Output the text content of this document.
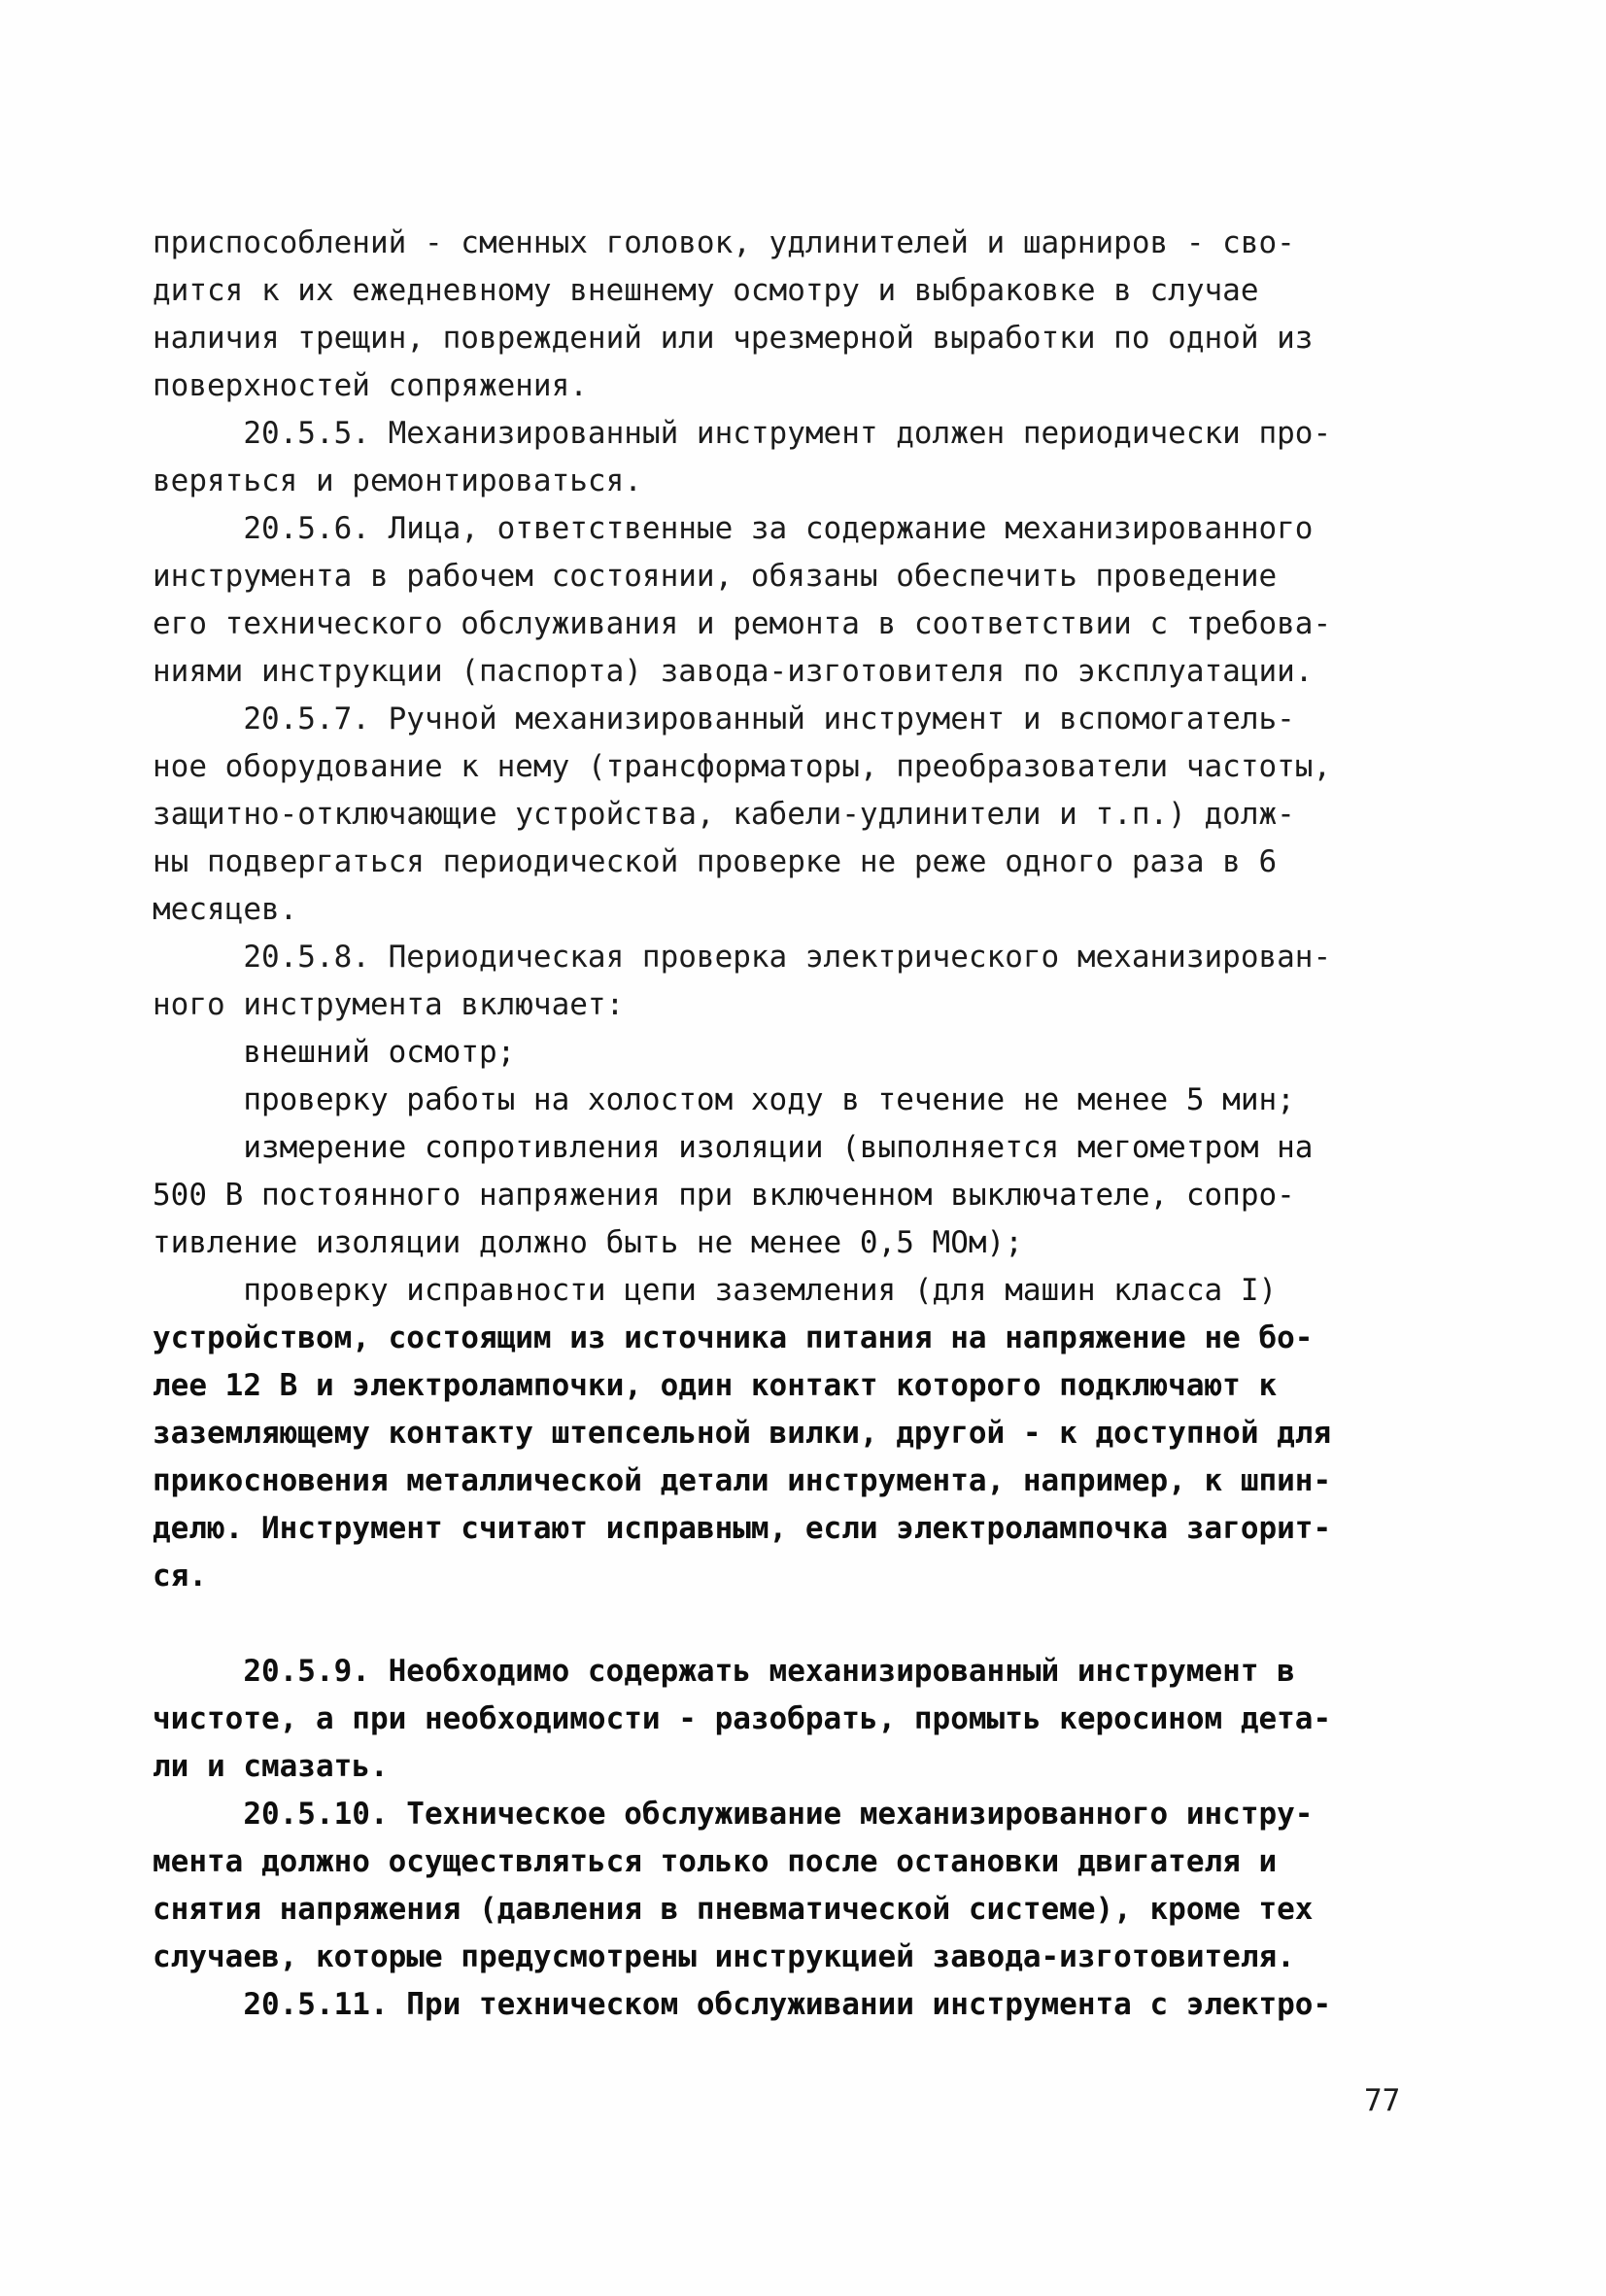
приспособлений - сменных головок, удлинителей и шарниров - сво-
дится к их ежедневному внешнему осмотру и выбраковке в случае
наличия трещин, повреждений или чрезмерной выработки по одной из
поверхностей сопряжения.
20.5.5. Механизированный инструмент должен периодически про-
веряться и ремонтироваться.
20.5.6. Лица, ответственные за содержание механизированного
инструмента в рабочем состоянии, обязаны обеспечить проведение
его технического обслуживания и ремонта в соответствии с требова-
ниями инструкции (паспорта) завода-изготовителя по эксплуатации.
20.5.7. Ручной механизированный инструмент и вспомогатель-
ное оборудование к нему (трансформаторы, преобразователи частоты,
защитно-отключающие устройства, кабели-удлинители и т.п.) долж-
ны подвергаться периодической проверке не реже одного раза в 6
месяцев.
20.5.8. Периодическая проверка электрического механизирован-
ного инструмента включает:
внешний осмотр;
проверку работы на холостом ходу в течение не менее 5 мин;
измерение сопротивления изоляции (выполняется мегометром на
500 В постоянного напряжения при включенном выключателе, сопро-
тивление изоляции должно быть не менее 0,5 МОм);
проверку исправности цепи заземления (для машин класса I)
устройством, состоящим из источника питания на напряжение не бо-
лее 12 В и электролампочки, один контакт которого подключают к
заземляющему контакту штепсельной вилки, другой - к доступной для
прикосновения металлической детали инструмента, например, к шпин-
делю. Инструмент считают исправным, если электролампочка загорит-
ся.
20.5.9. Необходимо содержать механизированный инструмент в
чистоте, а при необходимости - разобрать, промыть керосином дета-
ли и смазать.
20.5.10. Техническое обслуживание механизированного инстру-
мента должно осуществляться только после остановки двигателя и
снятия напряжения (давления в пневматической системе), кроме тех
случаев, которые предусмотрены инструкцией завода-изготовителя.
20.5.11. При техническом обслуживании инструмента с электро-
77
